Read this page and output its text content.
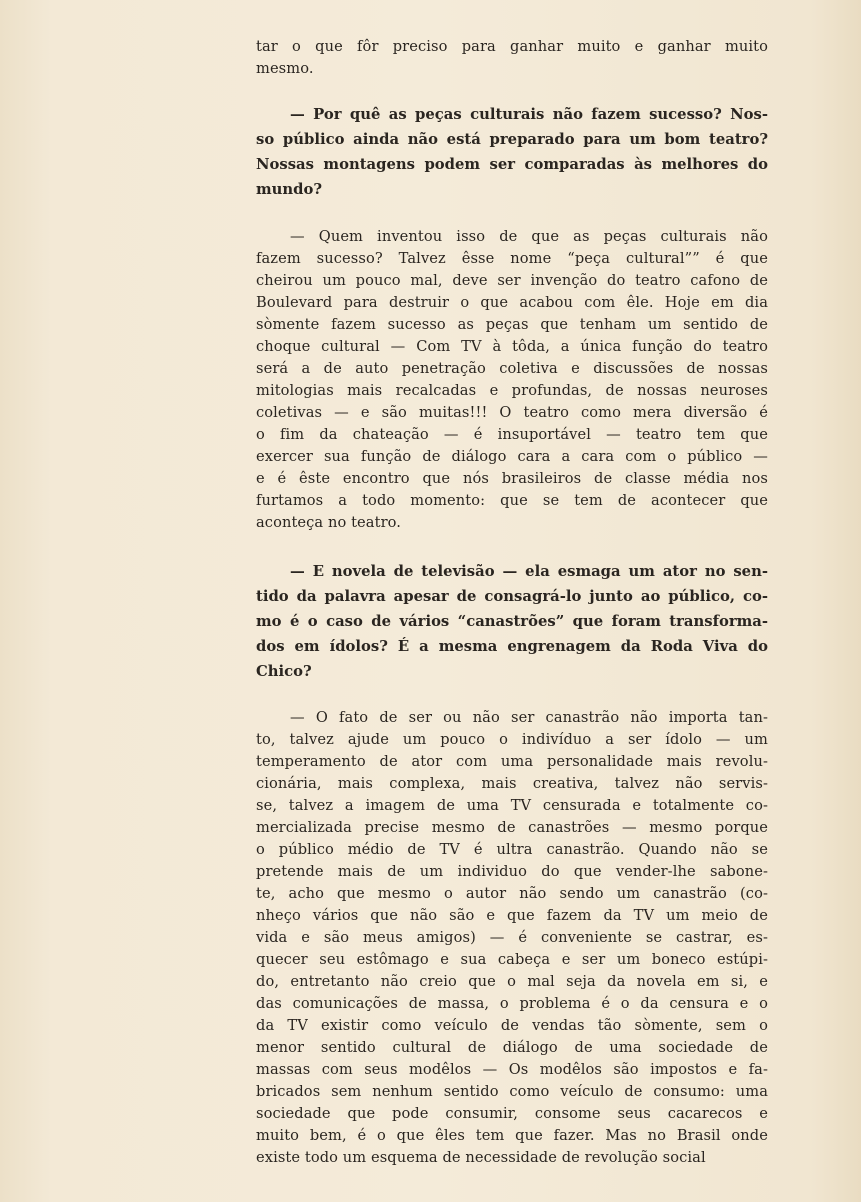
tar o que fôr preciso para ganhar muito e ganhar muito
mesmo.
— Por quê as peças culturais não fazem sucesso? Nos-
so público ainda não está preparado para um bom teatro?
Nossas montagens podem ser comparadas às melhores do
mundo?
— Quem inventou isso de que as peças culturais não
fazem sucesso? Talvez êsse nome “peça cultural”” é que
cheirou um pouco mal, deve ser invenção do teatro cafono de
Boulevard para destruir o que acabou com êle. Hoje em dia
sòmente fazem sucesso as peças que tenham um sentido de
choque cultural — Com TV à tôda, a única função do teatro
será a de auto penetração coletiva e discussões de nossas
mitologias mais recalcadas e profundas, de nossas neuroses
coletivas — e são muitas!!! O teatro como mera diversão é
o fim da chateação — é insuportável — teatro tem que
exercer sua função de diálogo cara a cara com o público —
e é êste encontro que nós brasileiros de classe média nos
furtamos a todo momento: que se tem de acontecer que
aconteça no teatro.
— E novela de televisão — ela esmaga um ator no sen-
tido da palavra apesar de consagrá-lo junto ao público, co-
mo é o caso de vários “canastrões” que foram transforma-
dos em ídolos? É a mesma engrenagem da Roda Viva do
Chico?
— O fato de ser ou não ser canastrão não importa tan-
to, talvez ajude um pouco o indivíduo a ser ídolo — um
temperamento de ator com uma personalidade mais revolu-
cionária, mais complexa, mais creativa, talvez não servis-
se, talvez a imagem de uma TV censurada e totalmente co-
mercializada precise mesmo de canastrões — mesmo porque
o público médio de TV é ultra canastrão. Quando não se
pretende mais de um individuo do que vender-lhe sabone-
te, acho que mesmo o autor não sendo um canastrão (co-
nheço vários que não são e que fazem da TV um meio de
vida e são meus amigos) — é conveniente se castrar, es-
quecer seu estômago e sua cabeça e ser um boneco estúpi-
do, entretanto não creio que o mal seja da novela em si, e
das comunicações de massa, o problema é o da censura e o
da TV existir como veículo de vendas tão sòmente, sem o
menor sentido cultural de diálogo de uma sociedade de
massas com seus modêlos — Os modêlos são impostos e fa-
bricados sem nenhum sentido como veículo de consumo: uma
sociedade que pode consumir, consome seus cacarecos e
muito bem, é o que êles tem que fazer. Mas no Brasil onde
existe todo um esquema de necessidade de revolução social
